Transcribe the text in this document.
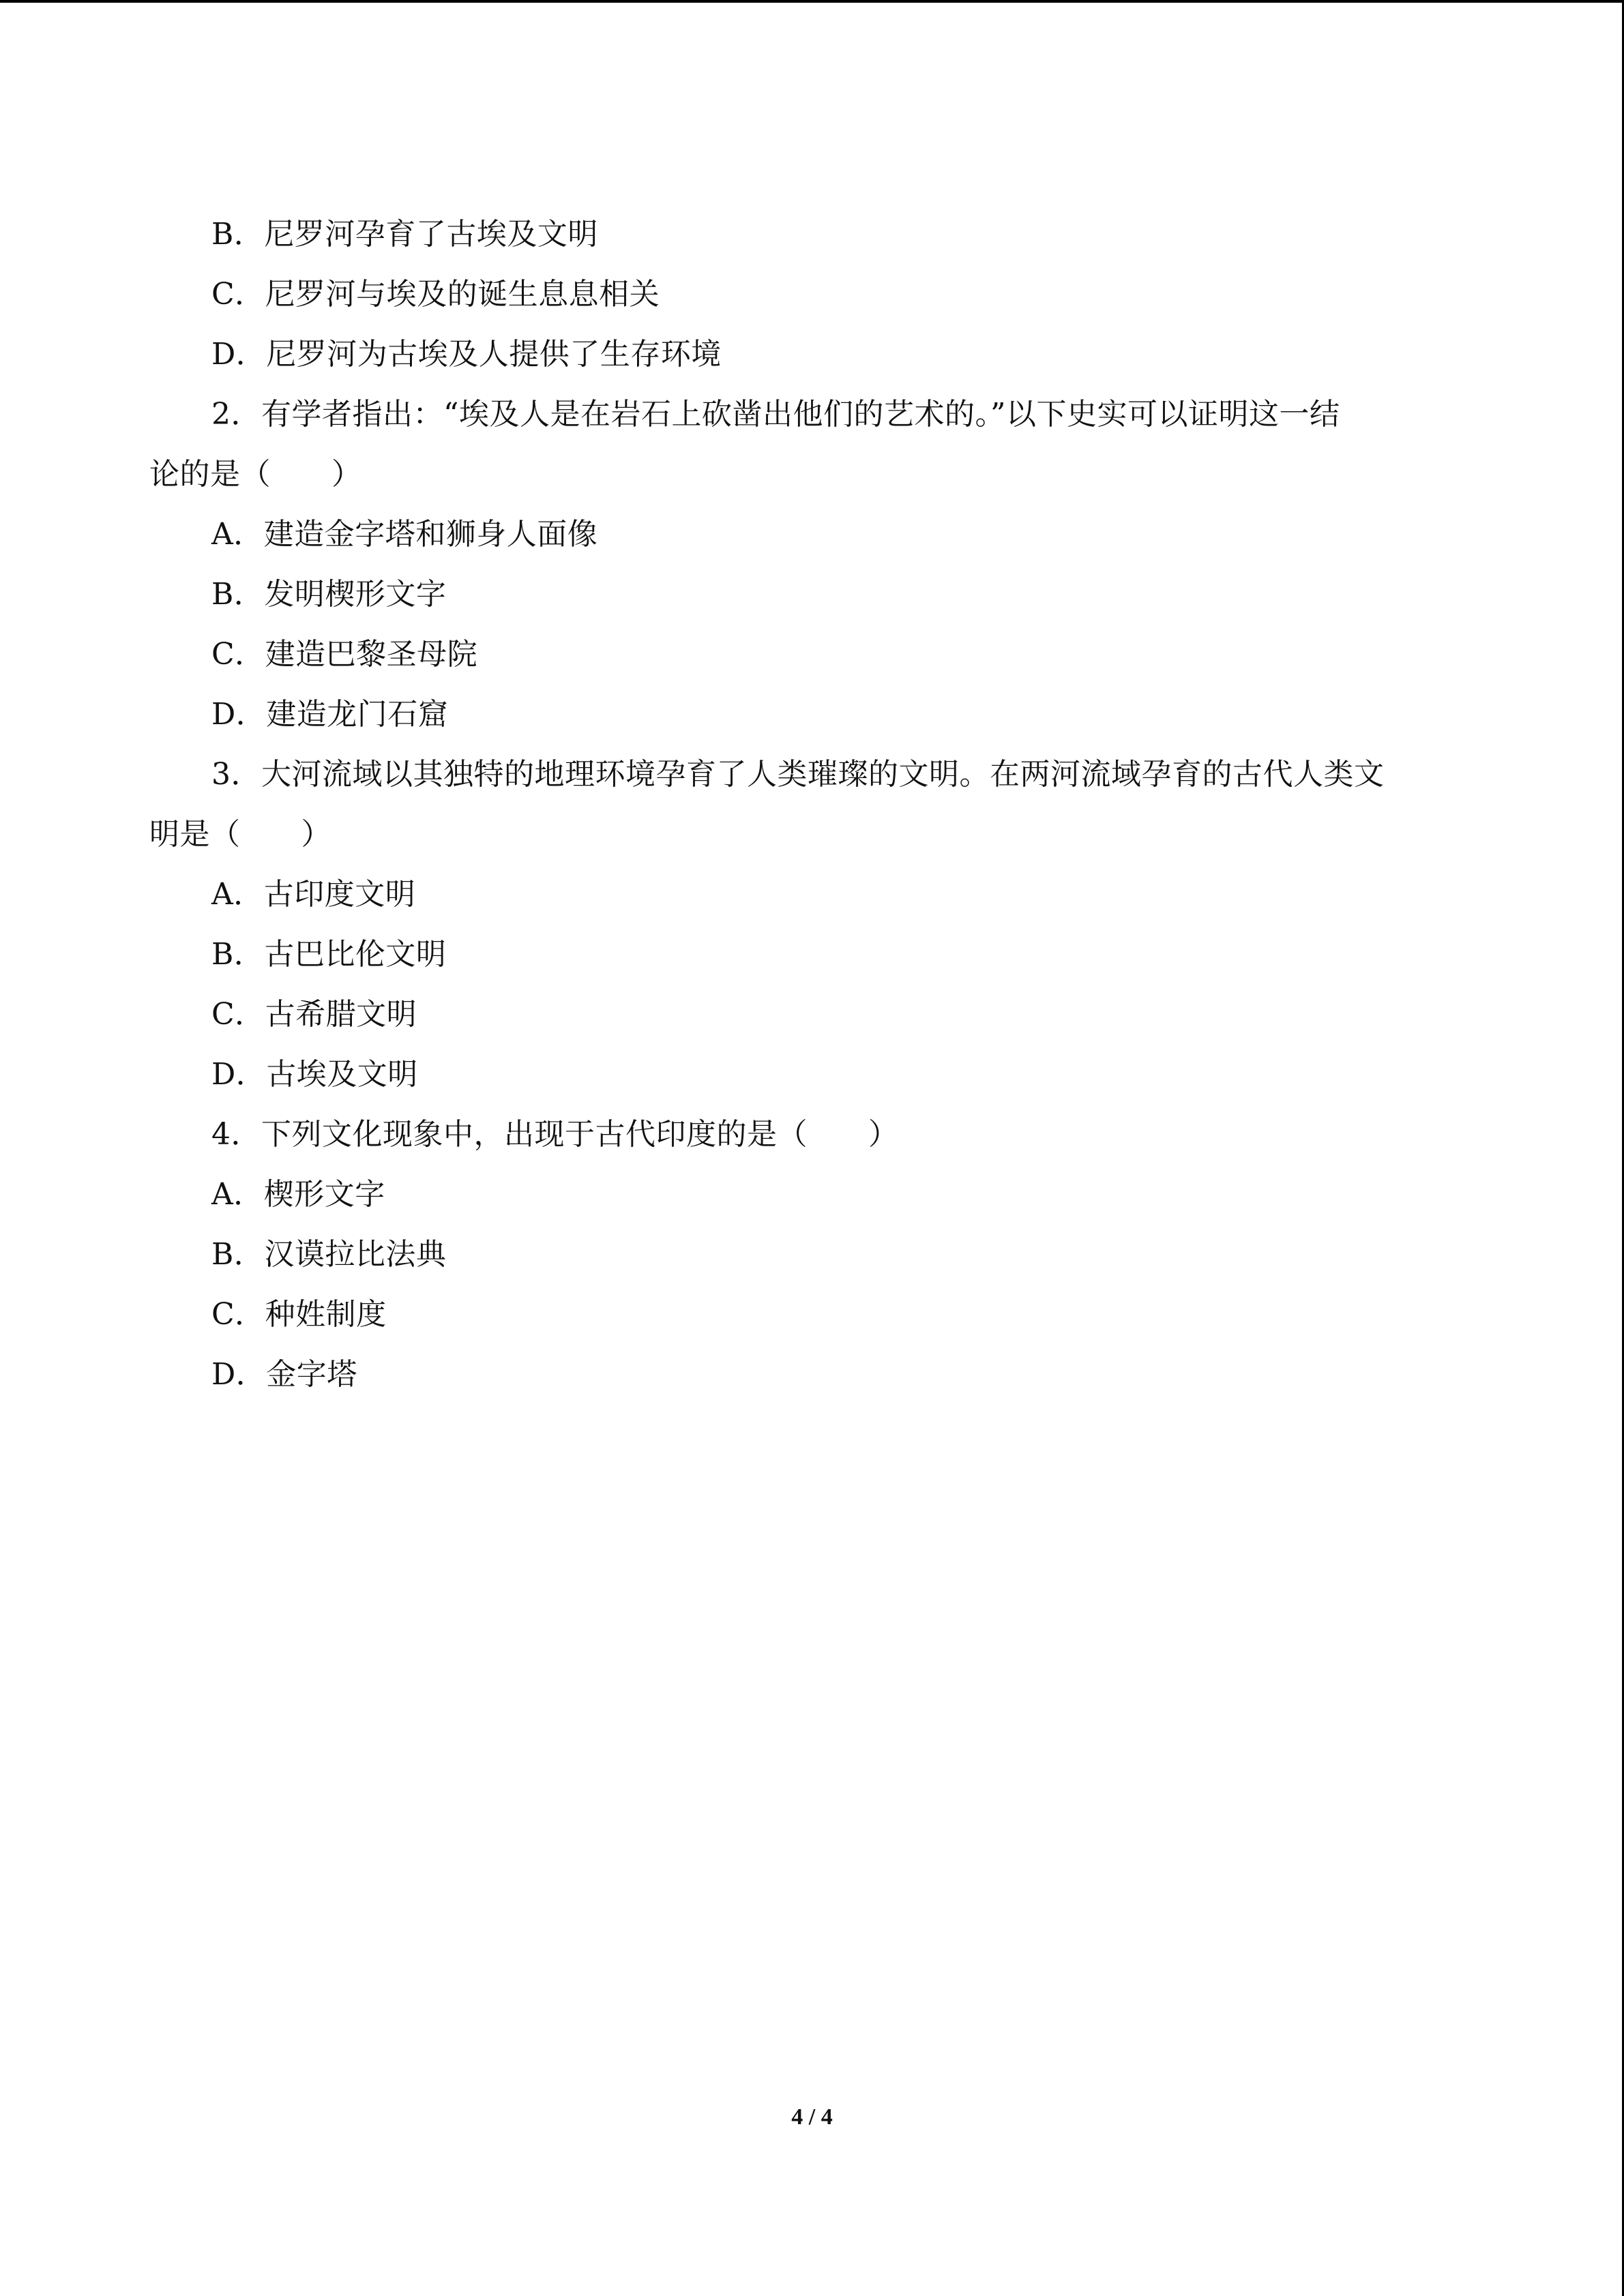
B．尼罗河孕育了古埃及文明
C．尼罗河与埃及的诞生息息相关
D．尼罗河为古埃及人提供了生存环境
2．有学者指出：“埃及人是在岩石上砍凿出他们的艺术的。”以下史实可以证明这一结
论的是（　　）
A．建造金字塔和狮身人面像
B．发明楔形文字
C．建造巴黎圣母院
D．建造龙门石窟
3．大河流域以其独特的地理环境孕育了人类璀璨的文明。在两河流域孕育的古代人类文
明是（　　）
A．古印度文明
B．古巴比伦文明
C．古希腊文明
D．古埃及文明
4．下列文化现象中，出现于古代印度的是（　　）
A．楔形文字
B．汉谟拉比法典
C．种姓制度
D．金字塔
4 / 4
